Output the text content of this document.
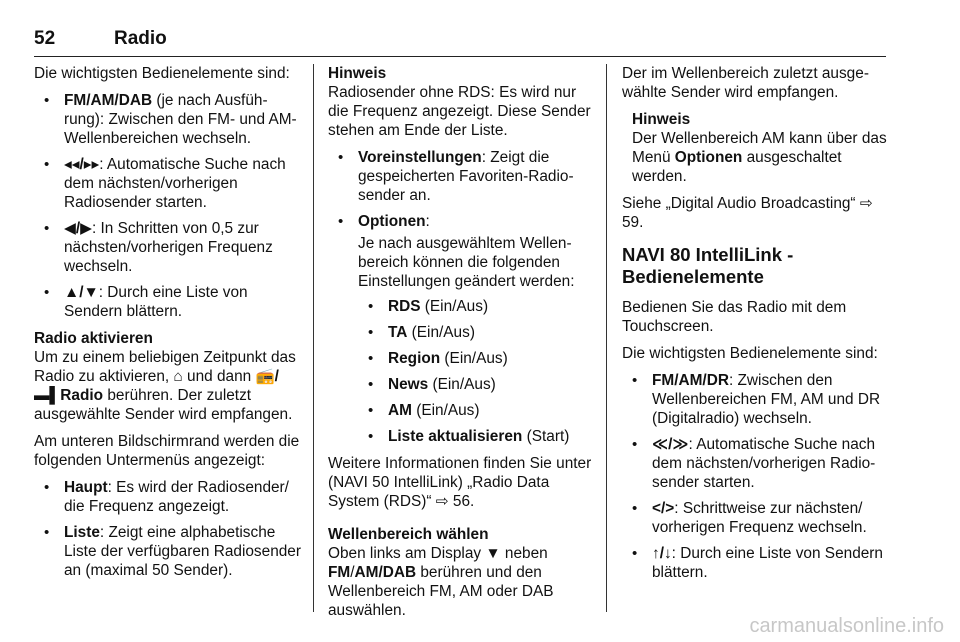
52	Radio

Die wichtigsten Bedienelemente sind:

• FM/AM/DAB (je nach Ausführung): Zwischen den FM- und AM-Wellenbereichen wechseln.
• ◂◂/▸▸: Automatische Suche nach dem nächsten/vorherigen Radiosender starten.
• ◀/▶: In Schritten von 0,5 zur nächsten/vorherigen Frequenz wechseln.
• ▲/▼: Durch eine Liste von Sendern blättern.

Radio aktivieren

Um zu einem beliebigen Zeitpunkt das Radio zu aktivieren, ⌂ und dann 📻/▬▌Radio berühren. Der zuletzt ausgewählte Sender wird empfangen.

Am unteren Bildschirmrand werden die folgenden Untermenüs angezeigt:

• Haupt: Es wird der Radiosender/ die Frequenz angezeigt.
• Liste: Zeigt eine alphabetische Liste der verfügbaren Radiosender an (maximal 50 Sender).

Hinweis

Radiosender ohne RDS: Es wird nur die Frequenz angezeigt. Diese Sender stehen am Ende der Liste.

• Voreinstellungen: Zeigt die gespeicherten Favoriten-Radiosender an.
• Optionen:
Je nach ausgewähltem Wellenbereich können die folgenden Einstellungen geändert werden:
• RDS (Ein/Aus)
• TA (Ein/Aus)
• Region (Ein/Aus)
• News (Ein/Aus)
• AM (Ein/Aus)
• Liste aktualisieren (Start)

Weitere Informationen finden Sie unter (NAVI 50 IntelliLink) „Radio Data System (RDS)“ ⇨ 56.

Wellenbereich wählen

Oben links am Display ▼ neben FM/AM/DAB berühren und den Wellenbereich FM, AM oder DAB auswählen.

Der im Wellenbereich zuletzt ausgewählte Sender wird empfangen.

Hinweis

Der Wellenbereich AM kann über das Menü Optionen ausgeschaltet werden.

Siehe „Digital Audio Broadcasting“ ⇨ 59.

NAVI 80 IntelliLink - Bedienelemente

Bedienen Sie das Radio mit dem Touchscreen.

Die wichtigsten Bedienelemente sind:

• FM/AM/DR: Zwischen den Wellenbereichen FM, AM und DR (Digitalradio) wechseln.
• ≪/≫: Automatische Suche nach dem nächsten/vorherigen Radiosender starten.
• </>: Schrittweise zur nächsten/ vorherigen Frequenz wechseln.
• ↑/↓: Durch eine Liste von Sendern blättern.
carmanualsonline.info
